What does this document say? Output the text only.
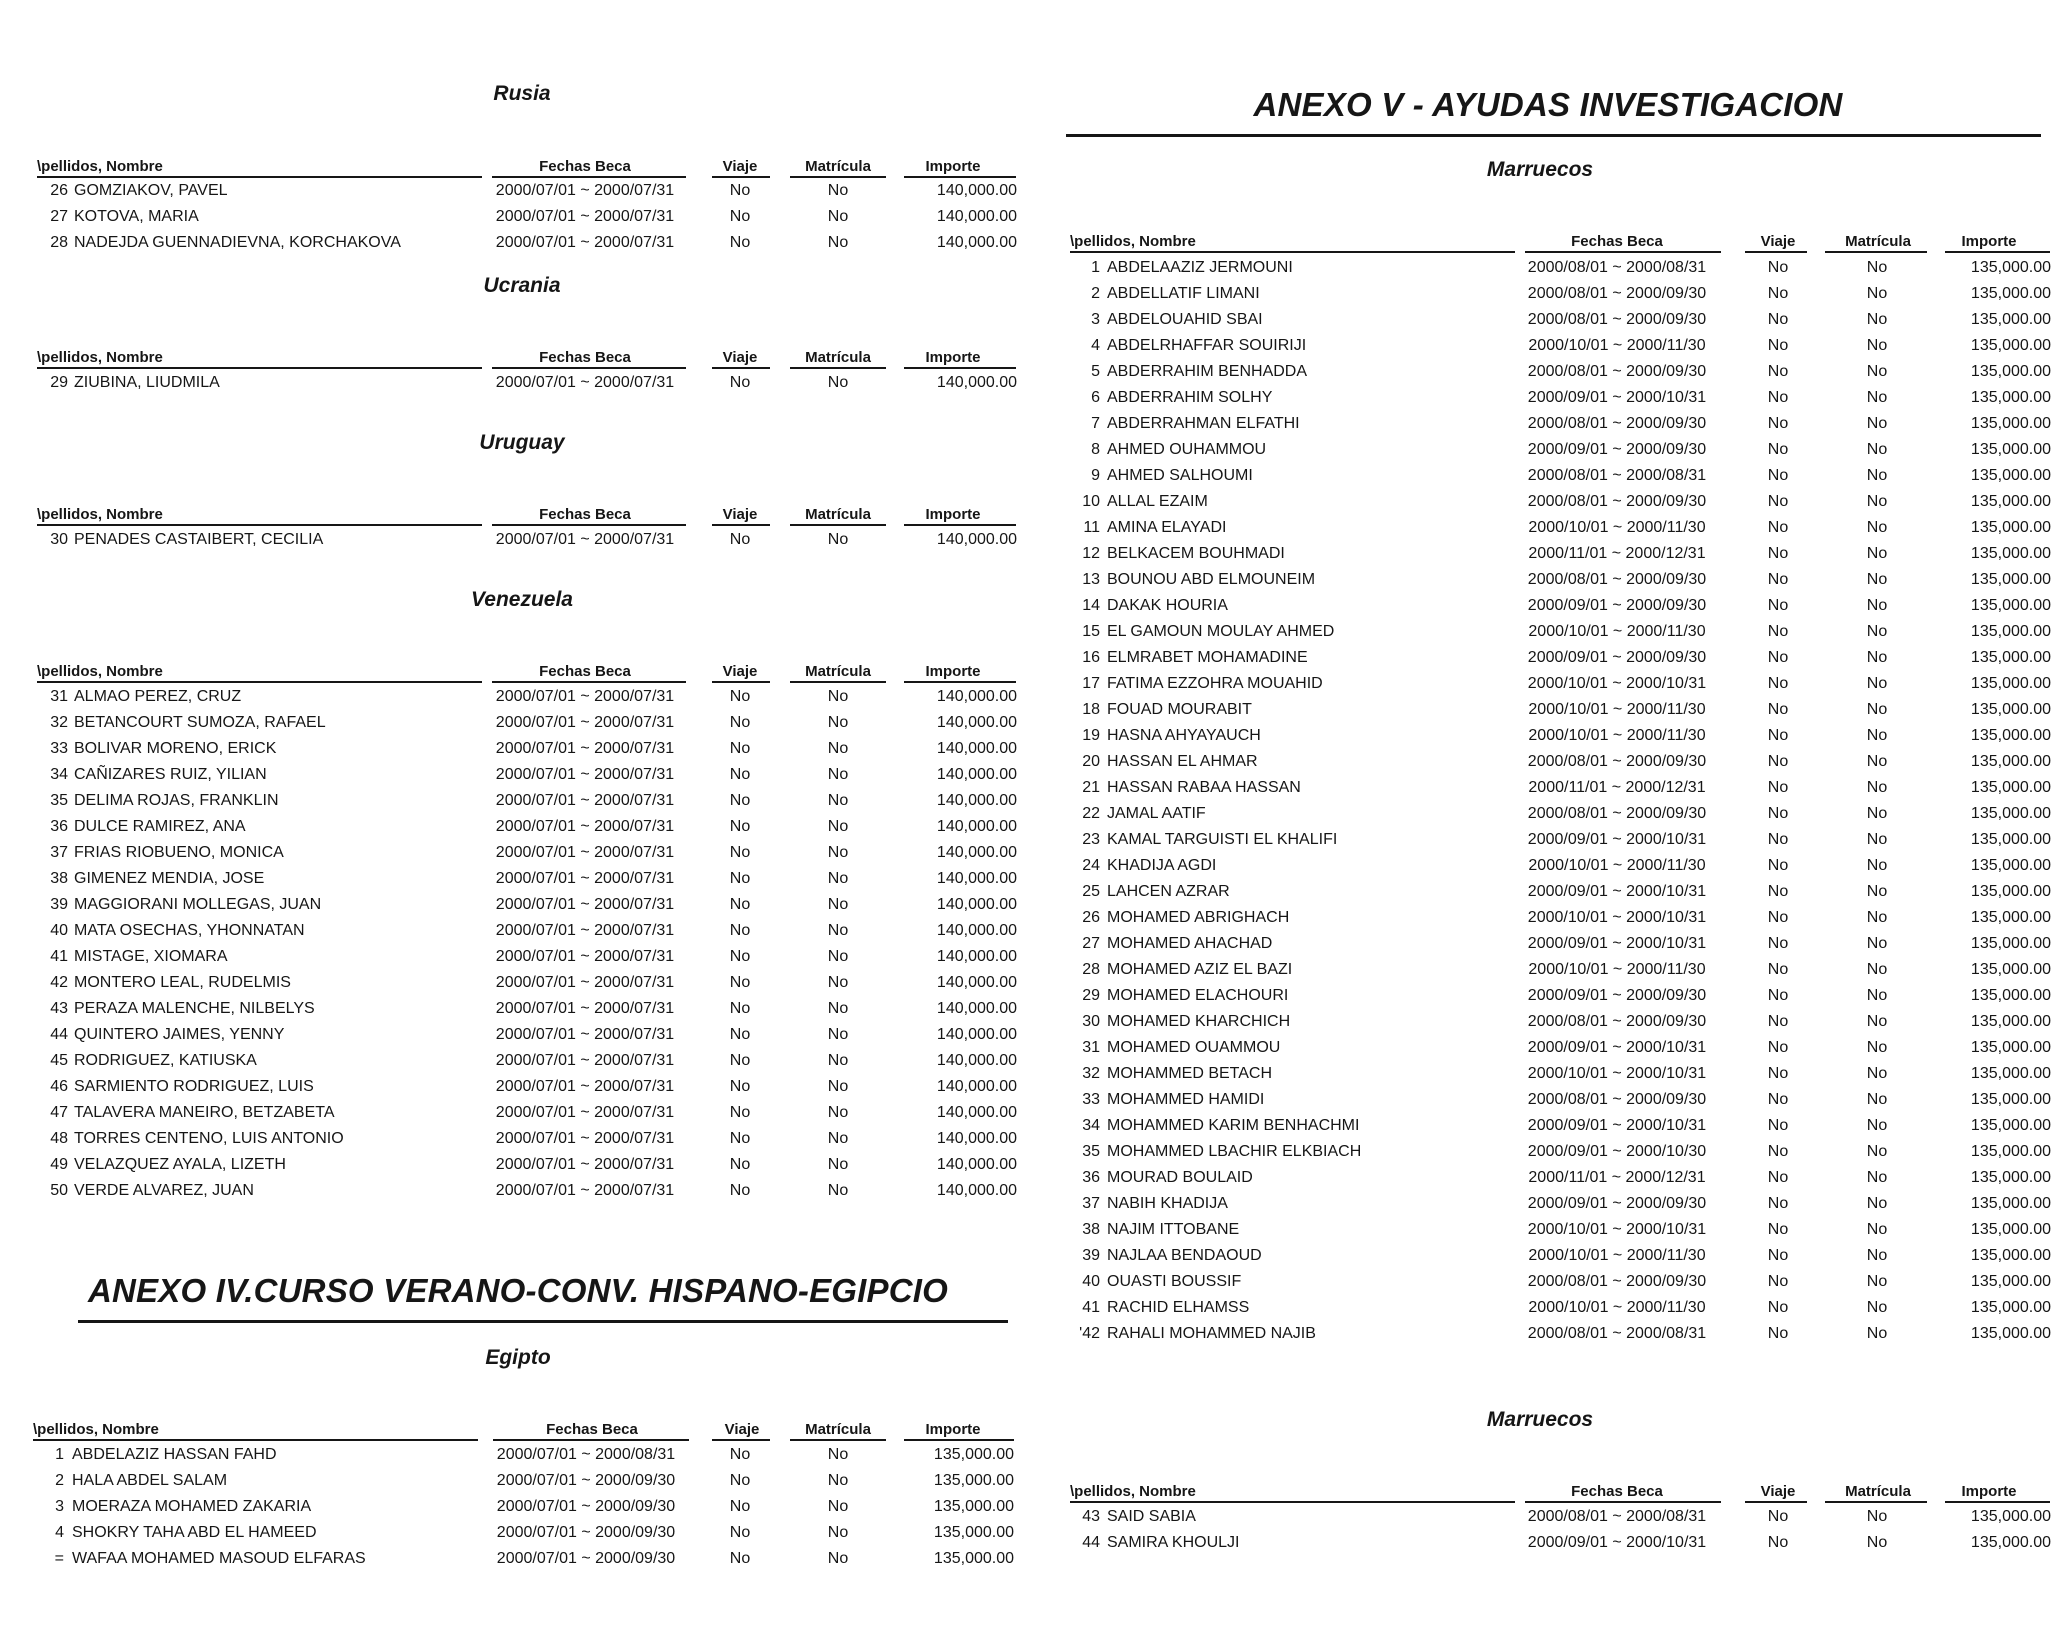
Rusia
\pellidos, Nombre	Fechas Beca	Viaje	Matrícula	Importe
26 GOMZIAKOV, PAVEL	2000/07/01 ~ 2000/07/31	No	No	140,000.00
27 KOTOVA, MARIA	2000/07/01 ~ 2000/07/31	No	No	140,000.00
28 NADEJDA GUENNADIEVNA, KORCHAKOVA	2000/07/01 ~ 2000/07/31	No	No	140,000.00
Ucrania
\pellidos, Nombre	Fechas Beca	Viaje	Matrícula	Importe
29 ZIUBINA, LIUDMILA	2000/07/01 ~ 2000/07/31	No	No	140,000.00
Uruguay
\pellidos, Nombre	Fechas Beca	Viaje	Matrícula	Importe
30 PENADES CASTAIBERT, CECILIA	2000/07/01 ~ 2000/07/31	No	No	140,000.00
Venezuela
\pellidos, Nombre	Fechas Beca	Viaje	Matrícula	Importe
31 ALMAO PEREZ, CRUZ	2000/07/01 ~ 2000/07/31	No	No	140,000.00
32 BETANCOURT SUMOZA, RAFAEL	2000/07/01 ~ 2000/07/31	No	No	140,000.00
33 BOLIVAR MORENO, ERICK	2000/07/01 ~ 2000/07/31	No	No	140,000.00
34 CAÑIZARES RUIZ, YILIAN	2000/07/01 ~ 2000/07/31	No	No	140,000.00
35 DELIMA ROJAS, FRANKLIN	2000/07/01 ~ 2000/07/31	No	No	140,000.00
36 DULCE RAMIREZ, ANA	2000/07/01 ~ 2000/07/31	No	No	140,000.00
37 FRIAS RIOBUENO, MONICA	2000/07/01 ~ 2000/07/31	No	No	140,000.00
38 GIMENEZ MENDIA, JOSE	2000/07/01 ~ 2000/07/31	No	No	140,000.00
39 MAGGIORANI MOLLEGAS, JUAN	2000/07/01 ~ 2000/07/31	No	No	140,000.00
40 MATA OSECHAS, YHONNATAN	2000/07/01 ~ 2000/07/31	No	No	140,000.00
41 MISTAGE, XIOMARA	2000/07/01 ~ 2000/07/31	No	No	140,000.00
42 MONTERO LEAL, RUDELMIS	2000/07/01 ~ 2000/07/31	No	No	140,000.00
43 PERAZA MALENCHE, NILBELYS	2000/07/01 ~ 2000/07/31	No	No	140,000.00
44 QUINTERO JAIMES, YENNY	2000/07/01 ~ 2000/07/31	No	No	140,000.00
45 RODRIGUEZ, KATIUSKA	2000/07/01 ~ 2000/07/31	No	No	140,000.00
46 SARMIENTO RODRIGUEZ, LUIS	2000/07/01 ~ 2000/07/31	No	No	140,000.00
47 TALAVERA MANEIRO, BETZABETA	2000/07/01 ~ 2000/07/31	No	No	140,000.00
48 TORRES CENTENO, LUIS ANTONIO	2000/07/01 ~ 2000/07/31	No	No	140,000.00
49 VELAZQUEZ AYALA, LIZETH	2000/07/01 ~ 2000/07/31	No	No	140,000.00
50 VERDE ALVAREZ, JUAN	2000/07/01 ~ 2000/07/31	No	No	140,000.00
ANEXO IV.CURSO VERANO-CONV. HISPANO-EGIPCIO
Egipto
\pellidos, Nombre	Fechas Beca	Viaje	Matrícula	Importe
1 ABDELAZIZ HASSAN FAHD	2000/07/01 ~ 2000/08/31	No	No	135,000.00
2 HALA ABDEL SALAM	2000/07/01 ~ 2000/09/30	No	No	135,000.00
3 MOERAZA MOHAMED ZAKARIA	2000/07/01 ~ 2000/09/30	No	No	135,000.00
4 SHOKRY TAHA ABD EL HAMEED	2000/07/01 ~ 2000/09/30	No	No	135,000.00
= WAFAA MOHAMED MASOUD ELFARAS	2000/07/01 ~ 2000/09/30	No	No	135,000.00
ANEXO V - AYUDAS INVESTIGACION
Marruecos
\pellidos, Nombre	Fechas Beca	Viaje	Matrícula	Importe
1 ABDELAAZIZ JERMOUNI	2000/08/01 ~ 2000/08/31	No	No	135,000.00
2 ABDELLATIF LIMANI	2000/08/01 ~ 2000/09/30	No	No	135,000.00
3 ABDELOUAHID SBAI	2000/08/01 ~ 2000/09/30	No	No	135,000.00
4 ABDELRHAFFAR SOUIRIJI	2000/10/01 ~ 2000/11/30	No	No	135,000.00
5 ABDERRAHIM BENHADDA	2000/08/01 ~ 2000/09/30	No	No	135,000.00
6 ABDERRAHIM SOLHY	2000/09/01 ~ 2000/10/31	No	No	135,000.00
7 ABDERRAHMAN ELFATHI	2000/08/01 ~ 2000/09/30	No	No	135,000.00
8 AHMED OUHAMMOU	2000/09/01 ~ 2000/09/30	No	No	135,000.00
9 AHMED SALHOUMI	2000/08/01 ~ 2000/08/31	No	No	135,000.00
10 ALLAL EZAIM	2000/08/01 ~ 2000/09/30	No	No	135,000.00
11 AMINA ELAYADI	2000/10/01 ~ 2000/11/30	No	No	135,000.00
12 BELKACEM BOUHMADI	2000/11/01 ~ 2000/12/31	No	No	135,000.00
13 BOUNOU ABD ELMOUNEIM	2000/08/01 ~ 2000/09/30	No	No	135,000.00
14 DAKAK HOURIA	2000/09/01 ~ 2000/09/30	No	No	135,000.00
15 EL GAMOUN MOULAY AHMED	2000/10/01 ~ 2000/11/30	No	No	135,000.00
16 ELMRABET MOHAMADINE	2000/09/01 ~ 2000/09/30	No	No	135,000.00
17 FATIMA EZZOHRA MOUAHID	2000/10/01 ~ 2000/10/31	No	No	135,000.00
18 FOUAD MOURABIT	2000/10/01 ~ 2000/11/30	No	No	135,000.00
19 HASNA AHYAYAUCH	2000/10/01 ~ 2000/11/30	No	No	135,000.00
20 HASSAN EL AHMAR	2000/08/01 ~ 2000/09/30	No	No	135,000.00
21 HASSAN RABAA HASSAN	2000/11/01 ~ 2000/12/31	No	No	135,000.00
22 JAMAL AATIF	2000/08/01 ~ 2000/09/30	No	No	135,000.00
23 KAMAL TARGUISTI EL KHALIFI	2000/09/01 ~ 2000/10/31	No	No	135,000.00
24 KHADIJA AGDI	2000/10/01 ~ 2000/11/30	No	No	135,000.00
25 LAHCEN AZRAR	2000/09/01 ~ 2000/10/31	No	No	135,000.00
26 MOHAMED ABRIGHACH	2000/10/01 ~ 2000/10/31	No	No	135,000.00
27 MOHAMED AHACHAD	2000/09/01 ~ 2000/10/31	No	No	135,000.00
28 MOHAMED AZIZ EL BAZI	2000/10/01 ~ 2000/11/30	No	No	135,000.00
29 MOHAMED ELACHOURI	2000/09/01 ~ 2000/09/30	No	No	135,000.00
30 MOHAMED KHARCHICH	2000/08/01 ~ 2000/09/30	No	No	135,000.00
31 MOHAMED OUAMMOU	2000/09/01 ~ 2000/10/31	No	No	135,000.00
32 MOHAMMED BETACH	2000/10/01 ~ 2000/10/31	No	No	135,000.00
33 MOHAMMED HAMIDI	2000/08/01 ~ 2000/09/30	No	No	135,000.00
34 MOHAMMED KARIM BENHACHMI	2000/09/01 ~ 2000/10/31	No	No	135,000.00
35 MOHAMMED LBACHIR ELKBIACH	2000/09/01 ~ 2000/10/30	No	No	135,000.00
36 MOURAD BOULAID	2000/11/01 ~ 2000/12/31	No	No	135,000.00
37 NABIH KHADIJA	2000/09/01 ~ 2000/09/30	No	No	135,000.00
38 NAJIM ITTOBANE	2000/10/01 ~ 2000/10/31	No	No	135,000.00
39 NAJLAA BENDAOUD	2000/10/01 ~ 2000/11/30	No	No	135,000.00
40 OUASTI BOUSSIF	2000/08/01 ~ 2000/09/30	No	No	135,000.00
41 RACHID ELHAMSS	2000/10/01 ~ 2000/11/30	No	No	135,000.00
'42 RAHALI MOHAMMED NAJIB	2000/08/01 ~ 2000/08/31	No	No	135,000.00
Marruecos
\pellidos, Nombre	Fechas Beca	Viaje	Matrícula	Importe
43 SAID SABIA	2000/08/01 ~ 2000/08/31	No	No	135,000.00
44 SAMIRA KHOULJI	2000/09/01 ~ 2000/10/31	No	No	135,000.00
